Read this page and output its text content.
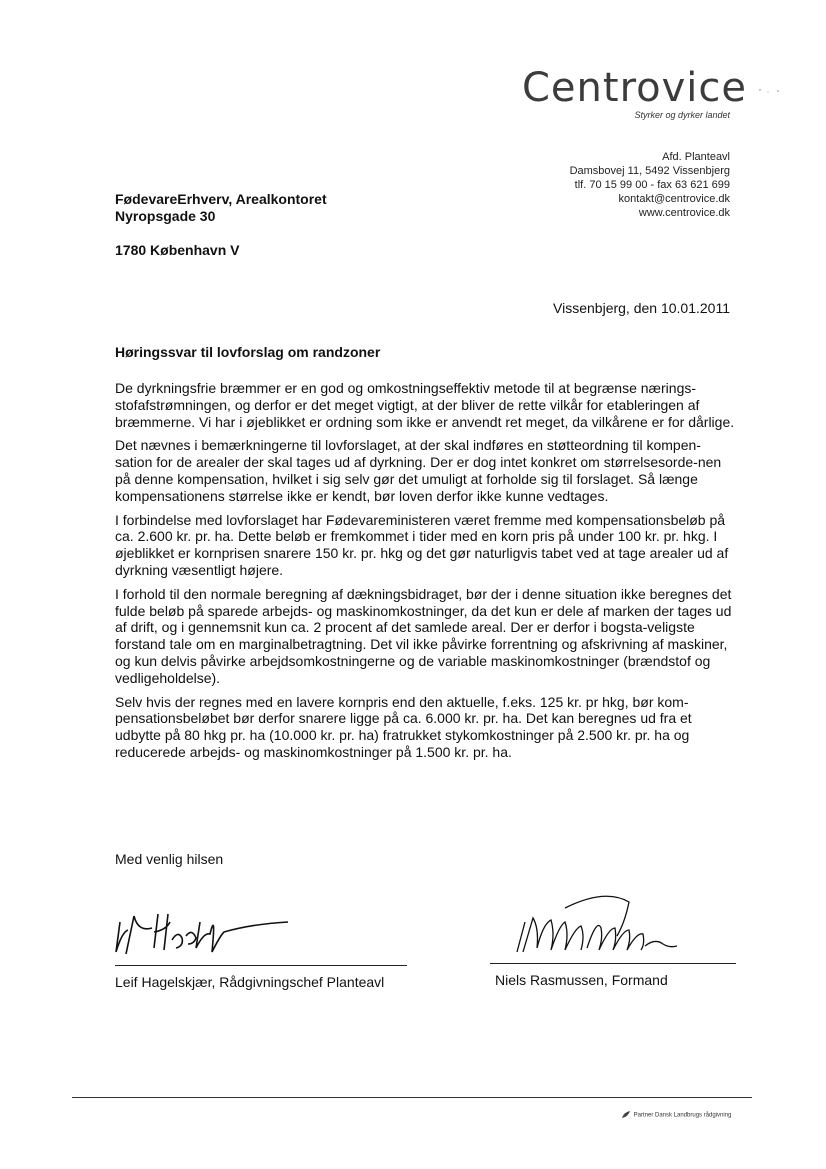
Centrovice
Styrker og dyrker landet
Afd. Planteavl
Damsbovej 11, 5492 Vissenbjerg
tlf. 70 15 99 00 - fax 63 621 699
kontakt@centrovice.dk
www.centrovice.dk
FødevareErhverv, Arealkontoret
Nyropsgade 30
1780 København V
Vissenbjerg, den 10.01.2011
Høringssvar til lovforslag om randzoner

De dyrkningsfrie bræmmer er en god og omkostningseffektiv metode til at begrænse nærings-stofafstrømningen, og derfor er det meget vigtigt, at der bliver de rette vilkår for etableringen af bræmmerne. Vi har i øjeblikket er ordning som ikke er anvendt ret meget, da vilkårene er for dårlige.

Det nævnes i bemærkningerne til lovforslaget, at der skal indføres en støtteordning til kompen-sation for de arealer der skal tages ud af dyrkning. Der er dog intet konkret om størrelsesorde-nen på denne kompensation, hvilket i sig selv gør det umuligt at forholde sig til forslaget. Så længe kompensationens størrelse ikke er kendt, bør loven derfor ikke kunne vedtages.

I forbindelse med lovforslaget har Fødevareministeren været fremme med kompensationsbeløb på ca. 2.600 kr. pr. ha. Dette beløb er fremkommet i tider med en korn pris på under 100 kr. pr. hkg. I øjeblikket er kornprisen snarere 150 kr. pr. hkg og det gør naturligvis tabet ved at tage arealer ud af dyrkning væsentligt højere.

I forhold til den normale beregning af dækningsbidraget, bør der i denne situation ikke beregnes det fulde beløb på sparede arbejds- og maskinomkostninger, da det kun er dele af marken der tages ud af drift, og i gennemsnit kun ca. 2 procent af det samlede areal. Der er derfor i bogsta-veligste forstand tale om en marginalbetragtning. Det vil ikke påvirke forrentning og afskrivning af maskiner, og kun delvis påvirke arbejdsomkostningerne og de variable maskinomkostninger (brændstof og vedligeholdelse).

Selv hvis der regnes med en lavere kornpris end den aktuelle, f.eks. 125 kr. pr hkg, bør kom-pensationsbeløbet bør derfor snarere ligge på ca. 6.000 kr. pr. ha. Det kan beregnes ud fra et udbytte på 80 hkg pr. ha (10.000 kr. pr. ha) fratrukket stykomkostninger på 2.500 kr. pr. ha og reducerede arbejds- og maskinomkostninger på 1.500 kr. pr. ha.

Med venlig hilsen
Leif Hagelskjær, Rådgivningschef Planteavl	Niels Rasmussen, Formand
Partner Dansk Landbrugs rådgivning
